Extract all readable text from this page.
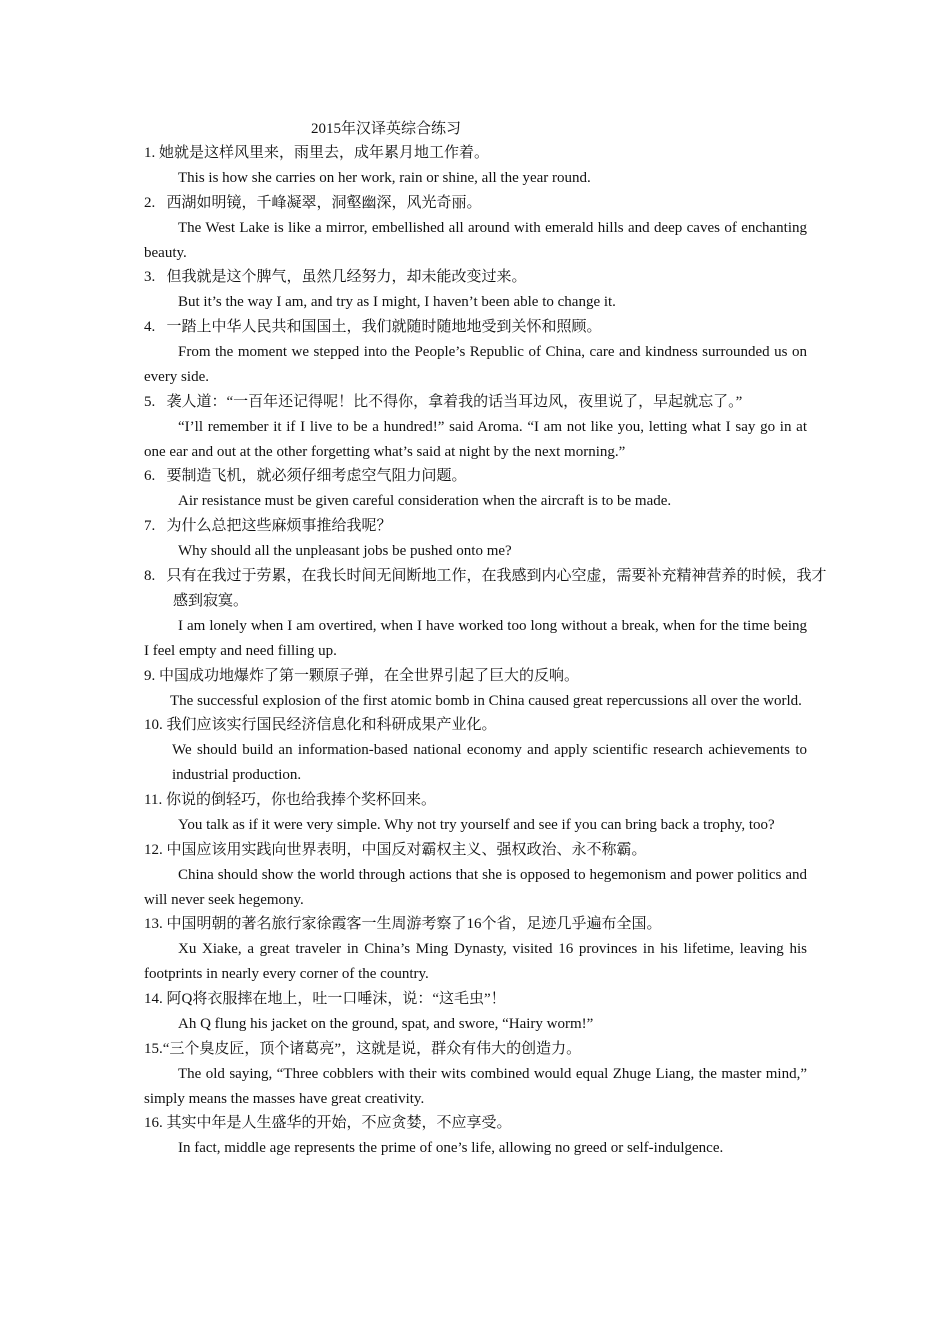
2015年汉译英综合练习
1. 她就是这样风里来，雨里去，成年累月地工作着。
This is how she carries on her work, rain or shine, all the year round.
2. 西湖如明镜，千峰凝翠，洞壑幽深，风光奇丽。
The West Lake is like a mirror, embellished all around with emerald hills and deep caves of enchanting beauty.
3. 但我就是这个脾气，虽然几经努力，却未能改变过来。
But it’s the way I am, and try as I might, I haven’t been able to change it.
4. 一踏上中华人民共和国国土，我们就随时随地地受到关怀和照顾。
From the moment we stepped into the People’s Republic of China, care and kindness surrounded us on every side.
5. 袭人道：“一百年还记得呢！比不得你，拿着我的话当耳边风，夜里说了，早起就忘了。”
“I’ll remember it if I live to be a hundred!” said Aroma. “I am not like you, letting what I say go in at one ear and out at the other forgetting what’s said at night by the next morning.”
6. 要制造飞机，就必须仔细考虑空气阻力问题。
Air resistance must be given careful consideration when the aircraft is to be made.
7. 为什么总把这些麻烦事推给我呢？
Why should all the unpleasant jobs be pushed onto me?
8. 只有在我过于劳累，在我长时间无间断地工作，在我感到内心空虚，需要补充精神营养的时候，我才感到寂寞。
I am lonely when I am overtired, when I have worked too long without a break, when for the time being I feel empty and need filling up.
9. 中国成功地爆炸了第一颗原子弹，在全世界引起了巨大的反响。
The successful explosion of the first atomic bomb in China caused great repercussions all over the world.
10. 我们应该实行国民经济信息化和科研成果产业化。
We should build an information-based national economy and apply scientific research achievements to industrial production.
11. 你说的倒轻巧，你也给我捧个奖杯回来。
You talk as if it were very simple. Why not try yourself and see if you can bring back a trophy, too?
12. 中国应该用实践向世界表明，中国反对霸权主义、强权政治、永不称霸。
China should show the world through actions that she is opposed to hegemonism and power politics and will never seek hegemony.
13. 中国明朝的著名旅行家徐霞客一生周游考察了16个省，足迹几乎遍布全国。
Xu Xiake, a great traveler in China’s Ming Dynasty, visited 16 provinces in his lifetime, leaving his footprints in nearly every corner of the country.
14. 阿Q将衣服摔在地上，吐一口唾沫，说：“这毛虫”！
Ah Q flung his jacket on the ground, spat, and swore, “Hairy worm!”
15.“三个臭皮匠，顶个诸葛亮”，这就是说，群众有伟大的创造力。
The old saying, “Three cobblers with their wits combined would equal Zhuge Liang, the master mind,” simply means the masses have great creativity.
16. 其实中年是人生盛华的开始，不应贪婪，不应享受。
In fact, middle age represents the prime of one’s life, allowing no greed or self-indulgence.
